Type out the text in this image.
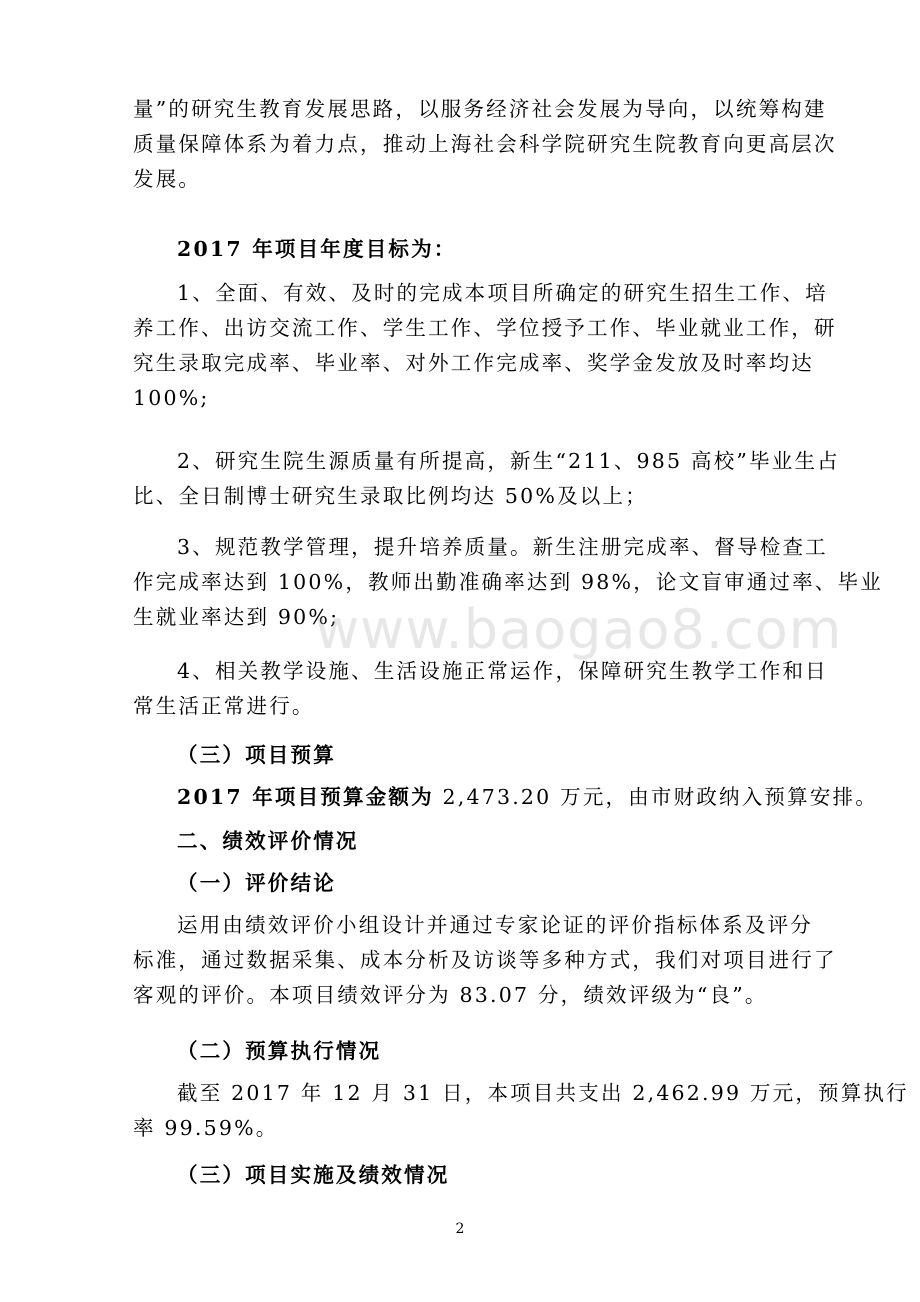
量”的研究生教育发展思路，以服务经济社会发展为导向，以统筹构建
质量保障体系为着力点，推动上海社会科学院研究生院教育向更高层次
发展。
2017 年项目年度目标为：
1、全面、有效、及时的完成本项目所确定的研究生招生工作、培
养工作、出访交流工作、学生工作、学位授予工作、毕业就业工作，研
究生录取完成率、毕业率、对外工作完成率、奖学金发放及时率均达
100%;
2、研究生院生源质量有所提高，新生“211、985 高校”毕业生占
比、全日制博士研究生录取比例均达 50%及以上；
3、规范教学管理，提升培养质量。新生注册完成率、督导检查工
作完成率达到 100%，教师出勤准确率达到 98%，论文盲审通过率、毕业
生就业率达到 90%;
4、相关教学设施、生活设施正常运作，保障研究生教学工作和日
常生活正常进行。
（三）项目预算
2017 年项目预算金额为 2,473.20 万元，由市财政纳入预算安排。
二、绩效评价情况
（一）评价结论
运用由绩效评价小组设计并通过专家论证的评价指标体系及评分
标准，通过数据采集、成本分析及访谈等多种方式，我们对项目进行了
客观的评价。本项目绩效评分为 83.07 分，绩效评级为“良”。
（二）预算执行情况
截至 2017 年 12 月 31 日，本项目共支出 2,462.99 万元，预算执行
率 99.59%。
（三）项目实施及绩效情况
www.baogao8.com
2
